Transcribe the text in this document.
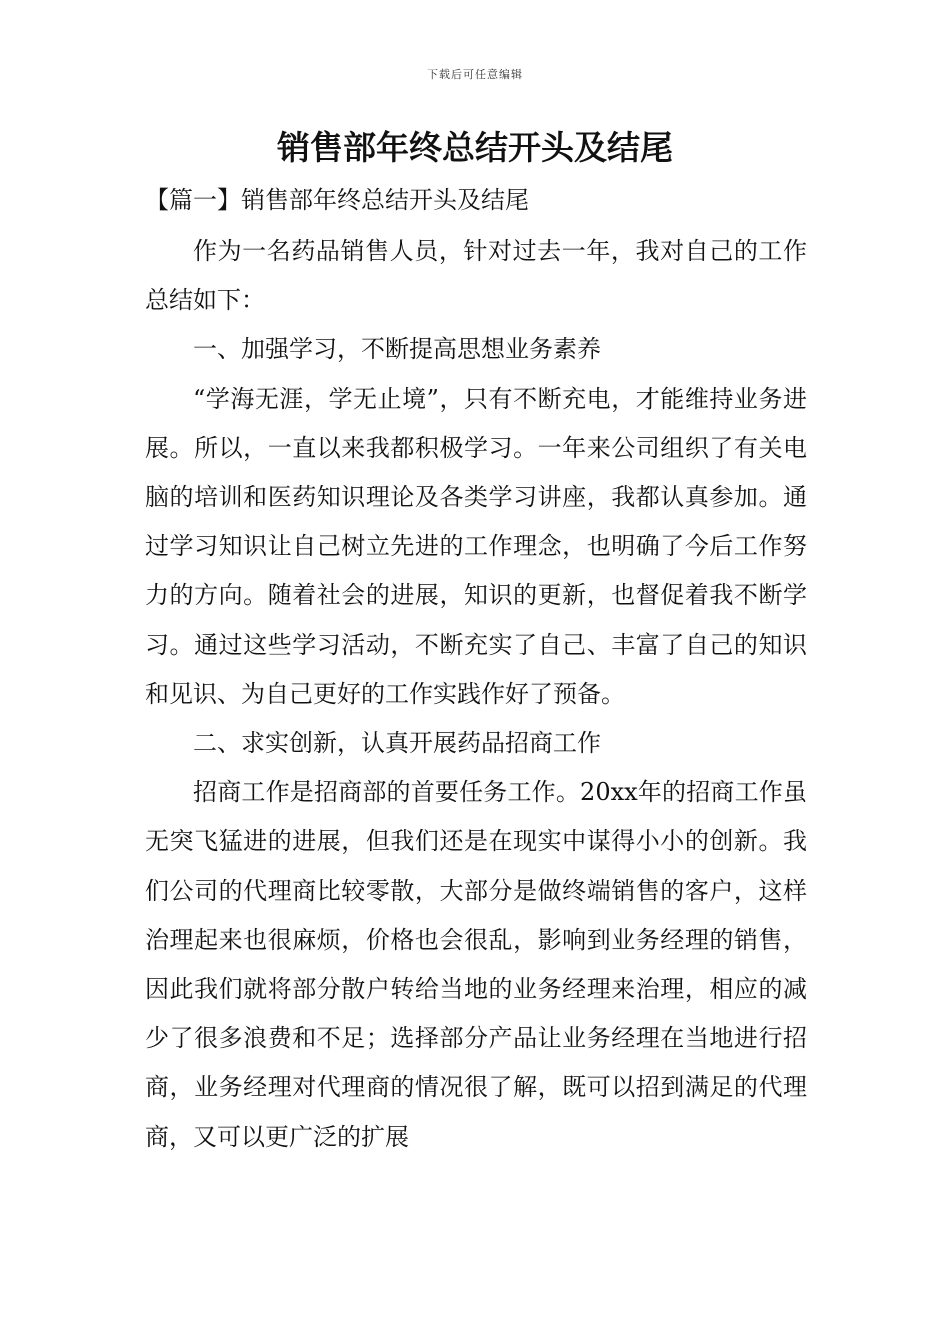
下载后可任意编辑
销售部年终总结开头及结尾
【篇一】销售部年终总结开头及结尾

作为一名药品销售人员，针对过去一年，我对自己的工作总结如下：

一、加强学习，不断提高思想业务素养

“学海无涯，学无止境”，只有不断充电，才能维持业务进展。所以，一直以来我都积极学习。一年来公司组织了有关电脑的培训和医药知识理论及各类学习讲座，我都认真参加。通过学习知识让自己树立先进的工作理念，也明确了今后工作努力的方向。随着社会的进展，知识的更新，也督促着我不断学习。通过这些学习活动，不断充实了自己、丰富了自己的知识和见识、为自己更好的工作实践作好了预备。

二、求实创新，认真开展药品招商工作

招商工作是招商部的首要任务工作。20xx年的招商工作虽无突飞猛进的进展，但我们还是在现实中谋得小小的创新。我们公司的代理商比较零散，大部分是做终端销售的客户，这样治理起来也很麻烦，价格也会很乱，影响到业务经理的销售，因此我们就将部分散户转给当地的业务经理来治理，相应的减少了很多浪费和不足；选择部分产品让业务经理在当地进行招商，业务经理对代理商的情况很了解，既可以招到满足的代理商，又可以更广泛的扩展
